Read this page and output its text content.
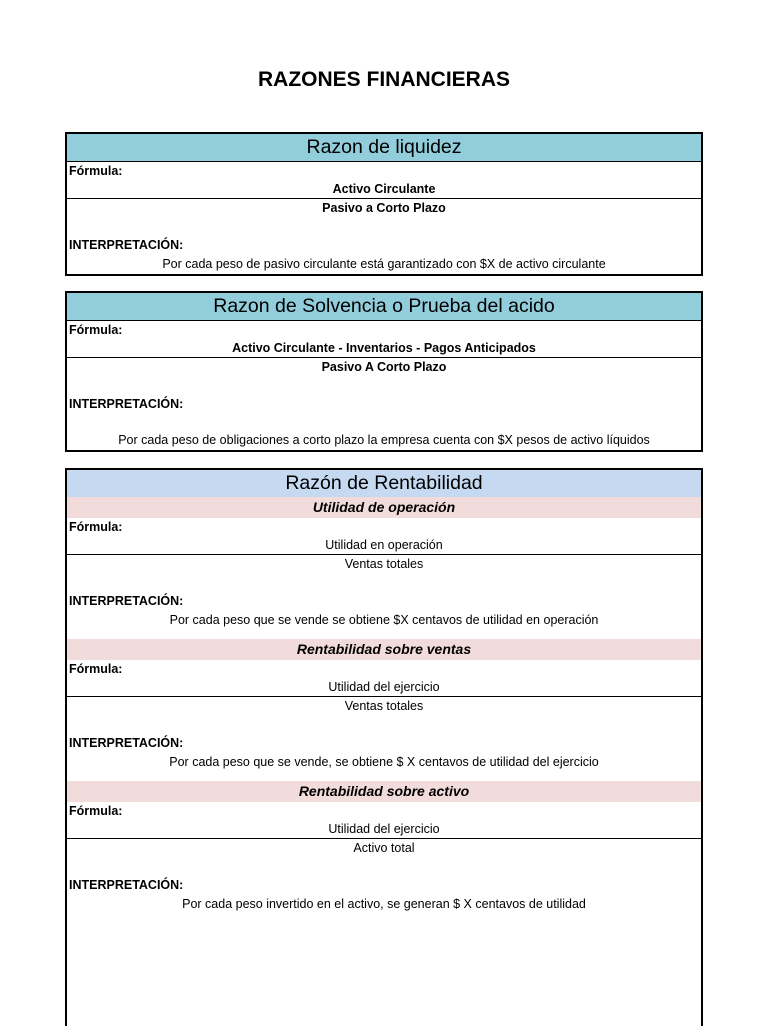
RAZONES FINANCIERAS
Razon de liquidez
Fórmula:
Activo Circulante
Pasivo a Corto Plazo
INTERPRETACIÓN:
Por cada peso de pasivo circulante está garantizado con $X de activo circulante
Razon de Solvencia o Prueba del acido
Fórmula:
Activo Circulante - Inventarios - Pagos Anticipados
Pasivo A Corto Plazo
INTERPRETACIÓN:
Por cada peso de obligaciones a corto plazo la empresa cuenta con $X pesos de activo líquidos
Razón de Rentabilidad
Utilidad de operación
Fórmula:
Utilidad en operación
Ventas totales
INTERPRETACIÓN:
Por cada peso que se vende se obtiene $X centavos de utilidad en operación
Rentabilidad sobre ventas
Fórmula:
Utilidad del ejercicio
Ventas totales
INTERPRETACIÓN:
Por cada peso que se vende, se obtiene $ X centavos de utilidad del ejercicio
Rentabilidad sobre activo
Fórmula:
Utilidad del ejercicio
Activo total
INTERPRETACIÓN:
Por cada peso invertido en el activo, se generan $ X centavos de utilidad
